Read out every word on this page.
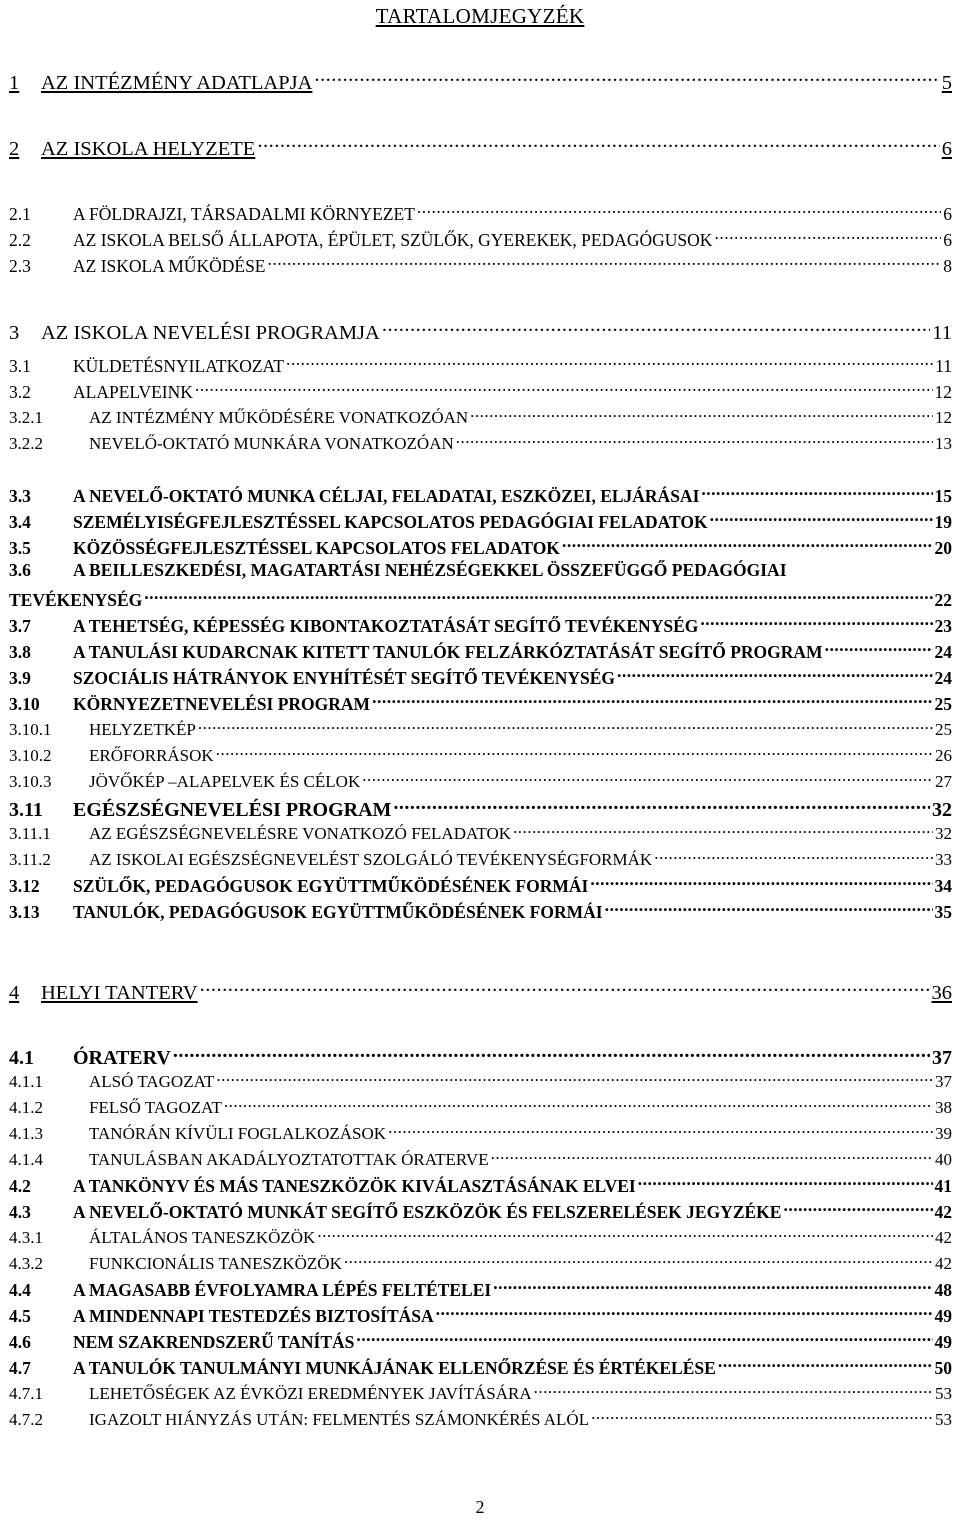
TARTALOMJEGYZÉK
1	AZ INTÉZMÉNY ADATLAPJA .....	5
2	AZ ISKOLA HELYZETE .....	6
2.1	A FÖLDRAJZI, TÁRSADALMI KÖRNYEZET .....	6
2.2	AZ ISKOLA BELSŐ ÁLLAPOTA, ÉPÜLET, SZÜLŐK, GYEREKEK, PEDAGÓGUSOK .....	6
2.3	AZ ISKOLA MŰKÖDÉSE .....	8
3	AZ ISKOLA NEVELÉSI PROGRAMJA .....	11
3.1	KÜLDETÉSNYILATKOZAT .....	11
3.2	ALAPELVEINK .....	12
3.2.1	AZ INTÉZMÉNY MŰKÖDÉSÉRE VONATKOZÓAN .....	12
3.2.2	NEVELŐ-OKTATÓ MUNKÁRA VONATKOZÓAN .....	13
3.3	A NEVELŐ-OKTATÓ MUNKA CÉLJAI, FELADATAI, ESZKÖZEI, ELJÁRÁSAI .....	15
3.4	SZEMÉLYISÉGFEJLESZTÉSSEL KAPCSOLATOS PEDAGÓGIAI FELADATOK .....	19
3.5	KÖZÖSSÉGFEJLESZTÉSSEL KAPCSOLATOS FELADATOK .....	20
3.6	A BEILLESZKEDÉSI, MAGATARTÁSI NEHÉZSÉGEKKEL ÖSSZEFÜGGŐ PEDAGÓGIAI
TEVÉKENYSÉG .....	22
3.7	A TEHETSÉG, KÉPESSÉG KIBONTAKOZTATÁSÁT SEGÍTŐ TEVÉKENYSÉG .....	23
3.8	A TANULÁSI KUDARCNAK KITETT TANULÓK FELZÁRKÓZTATÁSÁT SEGÍTŐ PROGRAM .....	24
3.9	SZOCIÁLIS HÁTRÁNYOK ENYHÍTÉSÉT SEGÍTŐ TEVÉKENYSÉG .....	24
3.10	KÖRNYEZETNEVELÉSI PROGRAM .....	25
3.10.1	HELYZETKÉP .....	25
3.10.2	ERŐFORRÁSOK .....	26
3.10.3	JÖVŐKÉP –ALAPELVEK ÉS CÉLOK .....	27
3.11	EGÉSZSÉGNEVELÉSI PROGRAM .....	32
3.11.1	AZ EGÉSZSÉGNEVELÉSRE VONATKOZÓ FELADATOK .....	32
3.11.2	AZ ISKOLAI EGÉSZSÉGNEVELÉST SZOLGÁLÓ TEVÉKENYSÉGFORMÁK .....	33
3.12	SZÜLŐK, PEDAGÓGUSOK EGYÜTTMŰKÖDÉSÉNEK FORMÁI .....	34
3.13	TANULÓK, PEDAGÓGUSOK EGYÜTTMŰKÖDÉSÉNEK FORMÁI .....	35
4	HELYI TANTERV .....	36
4.1	ÓRATERV .....	37
4.1.1	ALSÓ TAGOZAT .....	37
4.1.2	FELSŐ TAGOZAT .....	38
4.1.3	TANÓRÁN KÍVÜLI FOGLALKOZÁSOK .....	39
4.1.4	TANULÁSBAN AKADÁLYOZTATOTTAK ÓRATERVE .....	40
4.2	A TANKÖNYV ÉS MÁS TANESZKÖZÖK KIVÁLASZTÁSÁNAK ELVEI .....	41
4.3	A NEVELŐ-OKTATÓ MUNKÁT SEGÍTŐ ESZKÖZÖK ÉS FELSZERELÉSEK JEGYZÉKE .....	42
4.3.1	ÁLTALÁNOS TANESZKÖZÖK .....	42
4.3.2	FUNKCIONÁLIS TANESZKÖZÖK .....	42
4.4	A MAGASABB ÉVFOLYAMRA LÉPÉS FELTÉTELEI .....	48
4.5	A MINDENNAPI TESTEDZÉS BIZTOSÍTÁSA .....	49
4.6	NEM SZAKRENDSZERŰ TANÍTÁS .....	49
4.7	A TANULÓK TANULMÁNYI MUNKÁJÁNAK ELLENŐRZÉSE ÉS ÉRTÉKELÉSE .....	50
4.7.1	LEHETŐSÉGEK AZ ÉVKÖZI EREDMÉNYEK JAVÍTÁSÁRA .....	53
4.7.2	IGAZOLT HIÁNYZÁS UTÁN: FELMENTÉS SZÁMONKÉRÉS ALÓL .....	53
2
